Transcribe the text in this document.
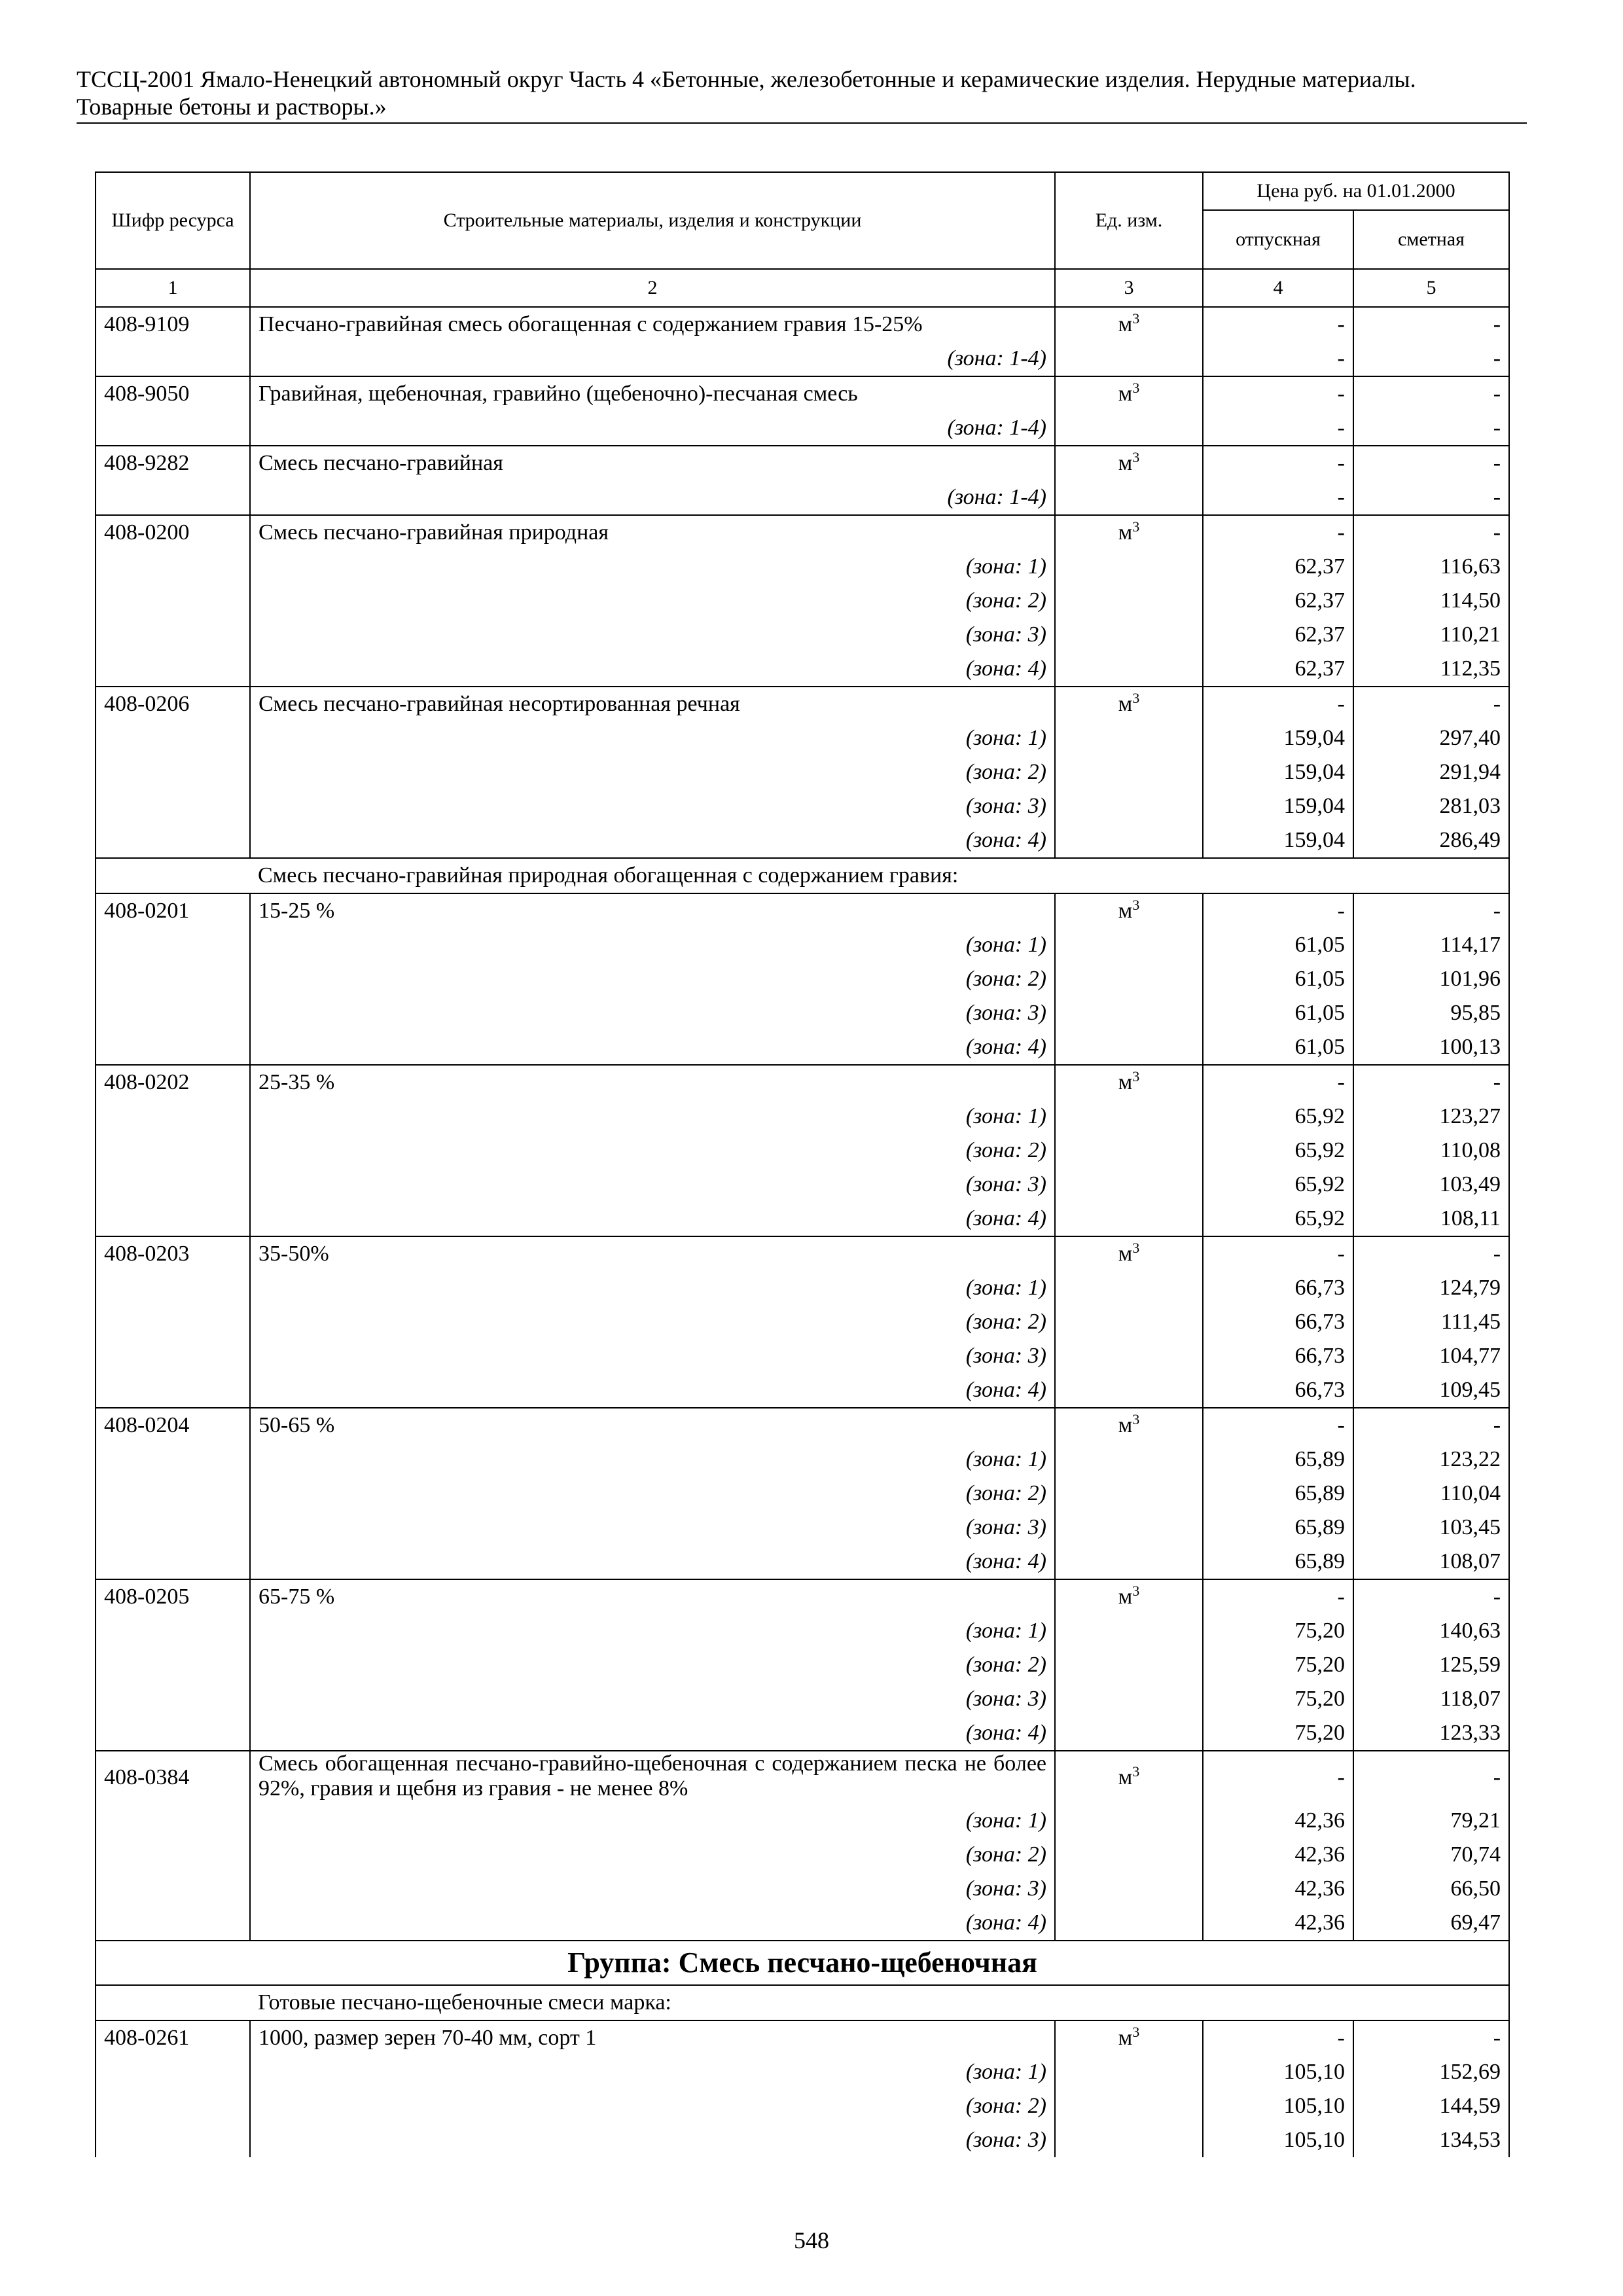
ТССЦ-2001 Ямало-Ненецкий автономный округ Часть 4 «Бетонные, железобетонные и керамические изделия. Нерудные материалы.
Товарные бетоны и растворы.»
Шифр ресурса	Строительные материалы, изделия и конструкции	Ед. изм.	Цена руб. на 01.01.2000	
			отпускная	сметная
1	2	3	4	5
408-9109	Песчано-гравийная смесь обогащенная с содержанием гравия 15-25%	$м^3$	-	-
	(зона: 1-4)		-	-
408-9050	Гравийная, щебеночная, гравийно (щебеночно)-песчаная смесь	$м^3$	-	-
	(зона: 1-4)		-	-
408-9282	Смесь песчано-гравийная	$м^3$	-	-
	(зона: 1-4)		-	-
408-0200	Смесь песчано-гравийная природная	$м^3$	-	-
	(зона: 1)		62,37	116,63
	(зона: 2)		62,37	114,50
	(зона: 3)		62,37	110,21
	(зона: 4)		62,37	112,35
408-0206	Смесь песчано-гравийная несортированная речная	$м^3$	-	-
	(зона: 1)		159,04	297,40
	(зона: 2)		159,04	291,94
	(зона: 3)		159,04	281,03
	(зона: 4)		159,04	286,49
	Смесь песчано-гравийная природная обогащенная с содержанием гравия:			
408-0201	15-25 %	$м^3$	-	-
	(зона: 1)		61,05	114,17
	(зона: 2)		61,05	101,96
	(зона: 3)		61,05	95,85
	(зона: 4)		61,05	100,13
408-0202	25-35 %	$м^3$	-	-
	(зона: 1)		65,92	123,27
	(зона: 2)		65,92	110,08
	(зона: 3)		65,92	103,49
	(зона: 4)		65,92	108,11
408-0203	35-50%	$м^3$	-	-
	(зона: 1)		66,73	124,79
	(зона: 2)		66,73	111,45
	(зона: 3)		66,73	104,77
	(зона: 4)		66,73	109,45
408-0204	50-65 %	$м^3$	-	-
	(зона: 1)		65,89	123,22
	(зона: 2)		65,89	110,04
	(зона: 3)		65,89	103,45
	(зона: 4)		65,89	108,07
408-0205	65-75 %	$м^3$	-	-
	(зона: 1)		75,20	140,63
	(зона: 2)		75,20	125,59
	(зона: 3)		75,20	118,07
	(зона: 4)		75,20	123,33
408-0384	Смесь обогащенная песчано-гравийно-щебеночная с содержанием песка не более 92%, гравия и щебня из гравия - не менее 8%	$м^3$	-	-
	(зона: 1)		42,36	79,21
	(зона: 2)		42,36	70,74
	(зона: 3)		42,36	66,50
	(зона: 4)		42,36	69,47
Группа: Смесь песчано-щебеночная				
	Готовые песчано-щебеночные смеси марка:			
408-0261	1000, размер зерен 70-40 мм, сорт 1	$м^3$	-	-
	(зона: 1)		105,10	152,69
	(зона: 2)		105,10	144,59
	(зона: 3)		105,10	134,53
548
